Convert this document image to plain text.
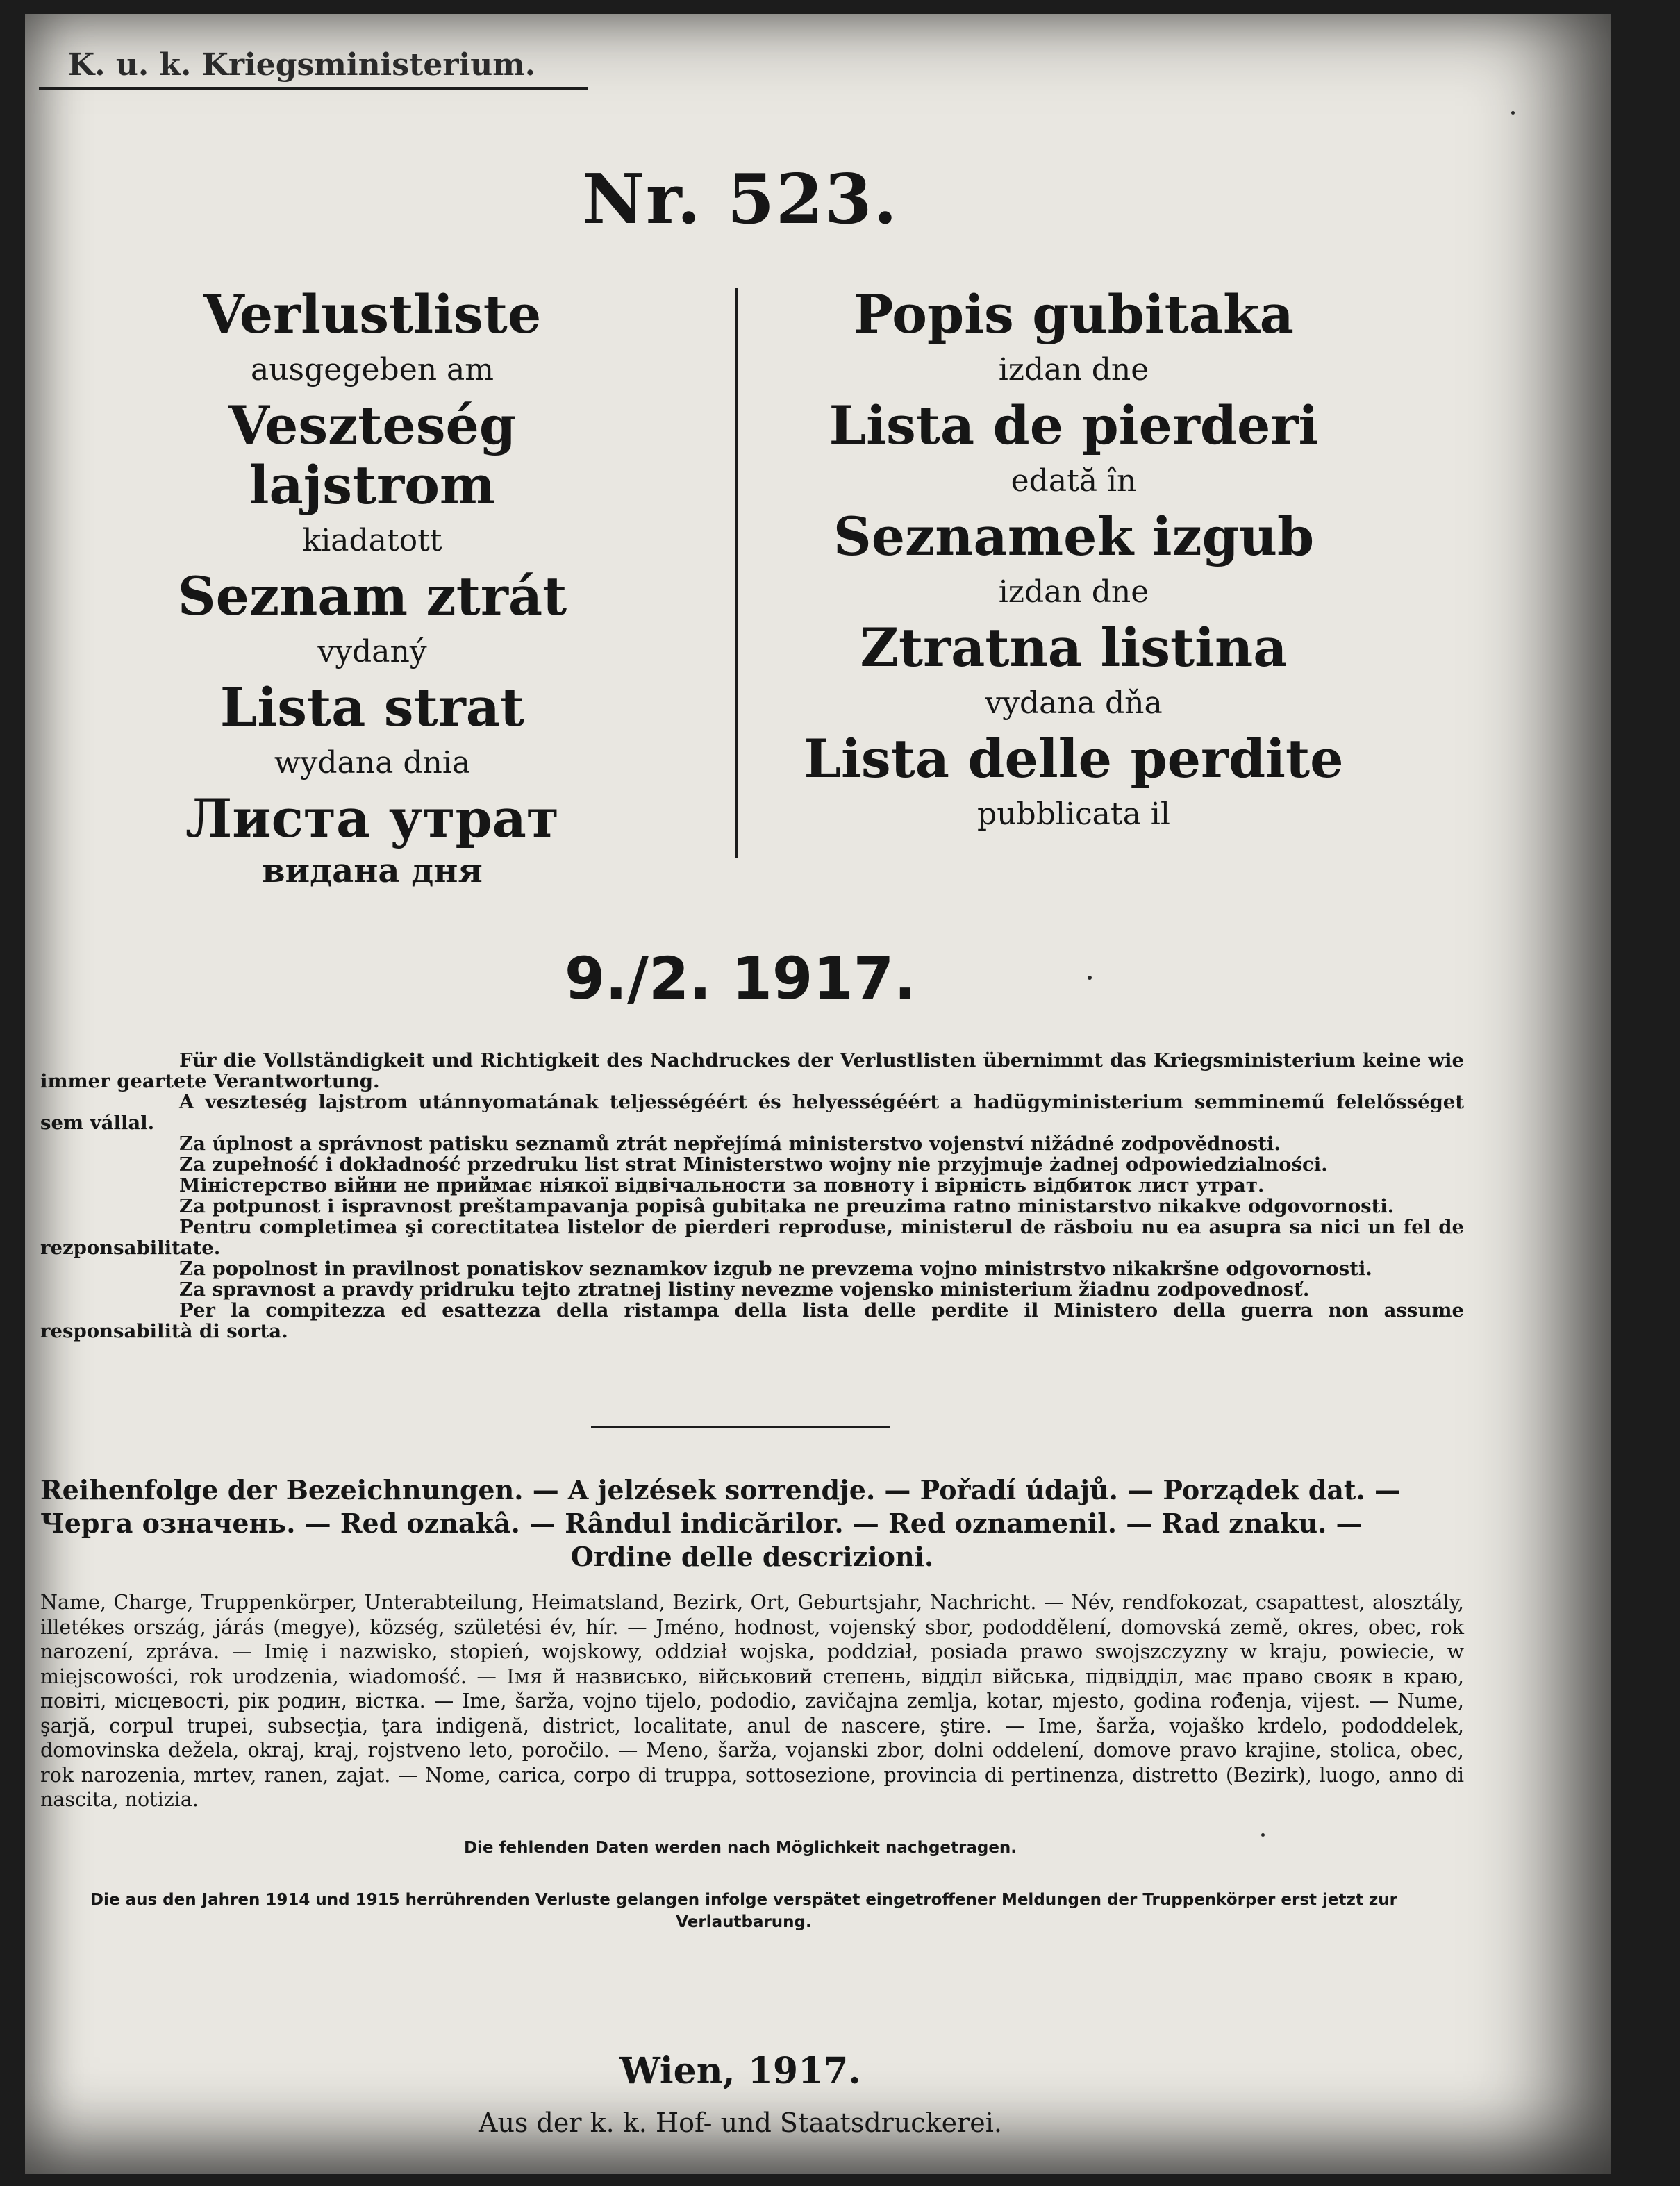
K. u. k. Kriegsministerium.
Nr. 523.
Verlustliste
ausgegeben am
Veszteség lajstrom
kiadatott
Seznam ztrát
vydaný
Lista strat
wydana dnia
Листа утрат
видана дня
Popis gubitaka
izdan dne
Lista de pierderi
edată în
Seznamek izgub
izdan dne
Ztratna listina
vydana dňa
Lista delle perdite
pubblicata il
9./2. 1917.

Für die Vollständigkeit und Richtigkeit des Nachdruckes der Verlustlisten übernimmt das Kriegsministerium keine wie immer geartete Verantwortung.

A veszteség lajstrom utánnyomatának teljességéért és helyességéért a hadügyministerium semminemű felelősséget sem vállal.

Za úplnost a správnost patisku seznamů ztrát nepřejímá ministerstvo vojenství nižádné zodpovědnosti.

Za zupełność i dokładność przedruku list strat Ministerstwo wojny nie przyjmuje żadnej odpowiedzialności.

Міністерство війни не приймає ніякої відвічальности за повноту і вірність відбиток лист утрат.

Za potpunost i ispravnost preštampavanja popisâ gubitaka ne preuzima ratno ministarstvo nikakve odgovornosti.

Pentru completimea şi corectitatea listelor de pierderi reproduse, ministerul de răsboiu nu ea asupra sa nici un fel de rezponsabilitate.

Za popolnost in pravilnost ponatiskov seznamkov izgub ne prevzema vojno ministrstvo nikakršne odgovornosti.

Za spravnost a pravdy pridruku tejto ztratnej listiny nevezme vojensko ministerium žiadnu zodpovednosť.

Per la compitezza ed esattezza della ristampa della lista delle perdite il Ministero della guerra non assume responsabilità di sorta.

Reihenfolge der Bezeichnungen. — A jelzések sorrendje. — Pořadí údajů. — Porządek dat. —
Черга означень. — Red oznakâ. — Rândul indicărilor. — Red oznamenil. — Rad znaku. —
Ordine delle descrizioni.
Name, Charge, Truppenkörper, Unterabteilung, Heimatsland, Bezirk, Ort, Geburtsjahr, Nachricht. — Név, rendfokozat, csapattest, alosztály, illetékes ország, járás (megye), község, születési év, hír. — Jméno, hodnost, vojenský sbor, pododdělení, domovská země, okres, obec, rok narození, zpráva. — Imię i nazwisko, stopień, wojskowy, oddział wojska, poddział, posiada prawo swojszczyzny w kraju, powiecie, w miejscowości, rok urodzenia, wiadomość. — Імя й назвисько, військовий степень, відділ війська, підвідділ, має право свояк в краю, повіті, місцевості, рік родин, вістка. — Ime, šarža, vojno tijelo, pododio, zavičajna zemlja, kotar, mjesto, godina rođenja, vijest. — Nume, şarjă, corpul trupei, subsecţia, ţara indigenă, district, localitate, anul de nascere, ştire. — Ime, šarža, vojaško krdelo, pododdelek, domovinska dežela, okraj, kraj, rojstveno leto, poročilo. — Meno, šarža, vojanski zbor, dolni oddelení, domove pravo krajine, stolica, obec, rok narozenia, mrtev, ranen, zajat. — Nome, carica, corpo di truppa, sottosezione, provincia di pertinenza, distretto (Bezirk), luogo, anno di nascita, notizia.
Die fehlenden Daten werden nach Möglichkeit nachgetragen.
Die aus den Jahren 1914 und 1915 herrührenden Verluste gelangen infolge verspätet eingetroffener Meldungen der Truppenkörper erst jetzt zur Verlautbarung.
Wien, 1917.
Aus der k. k. Hof- und Staatsdruckerei.
